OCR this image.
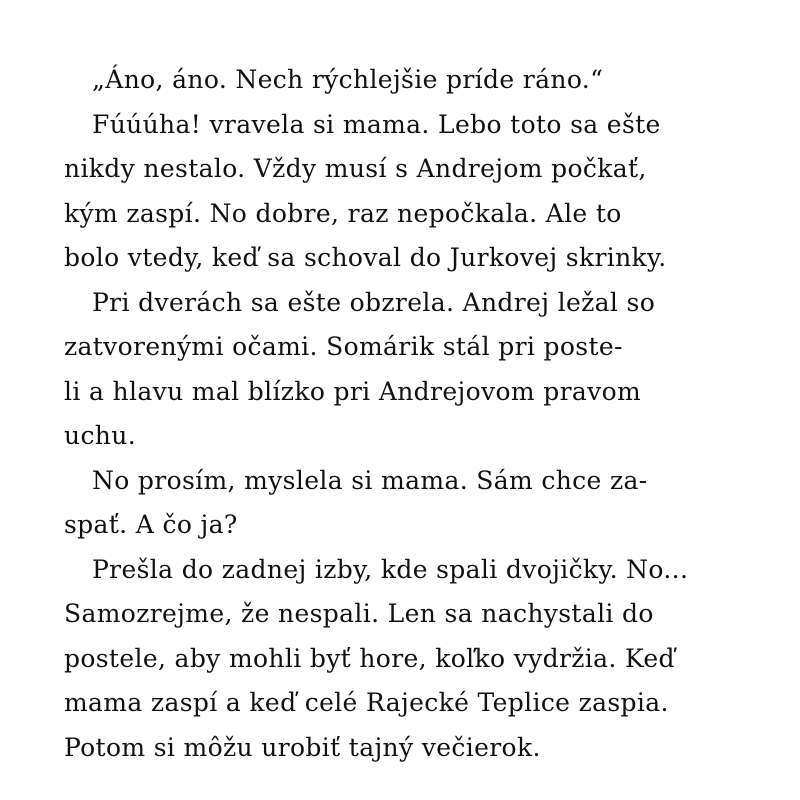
„Áno, áno. Nech rýchlejšie príde ráno.“
Fúúúha! vravela si mama. Lebo toto sa ešte
nikdy nestalo. Vždy musí s Andrejom počkať,
kým zaspí. No dobre, raz nepočkala. Ale to
bolo vtedy, keď sa schoval do Jurkovej skrinky.
Pri dverách sa ešte obzrela. Andrej ležal so
zatvorenými očami. Somárik stál pri poste-
li a hlavu mal blízko pri Andrejovom pravom
uchu.
No prosím, myslela si mama. Sám chce za-
spať. A čo ja?
Prešla do zadnej izby, kde spali dvojičky. No...
Samozrejme, že nespali. Len sa nachystali do
postele, aby mohli byť hore, koľko vydržia. Keď
mama zaspí a keď celé Rajecké Teplice zaspia.
Potom si môžu urobiť tajný večierok.
